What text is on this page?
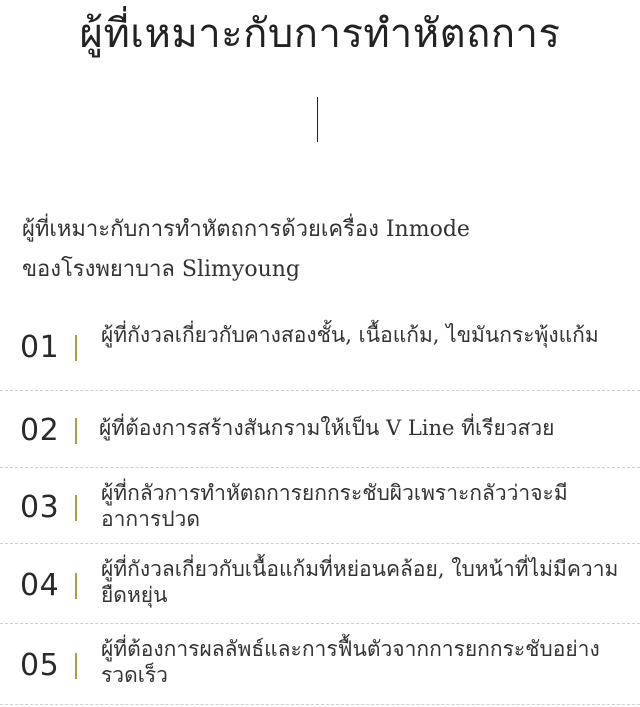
ผู้ที่เหมาะกับการทำหัตถการ
ผู้ที่เหมาะกับการทำหัตถการด้วยเครื่อง Inmode
ของโรงพยาบาล Slimyoung
01 ผู้ที่กังวลเกี่ยวกับคางสองชั้น, เนื้อแก้ม, ไขมันกระพุ้งแก้ม
02 ผู้ที่ต้องการสร้างสันกรามให้เป็น V Line ที่เรียวสวย
03 ผู้ที่กลัวการทำหัตถการยกกระชับผิวเพราะกลัวว่าจะมีอาการปวด
04 ผู้ที่กังวลเกี่ยวกับเนื้อแก้มที่หย่อนคล้อย, ใบหน้าที่ไม่มีความยืดหยุ่น
05 ผู้ที่ต้องการผลลัพธ์และการฟื้นตัวจากการยกกระชับอย่างรวดเร็ว
